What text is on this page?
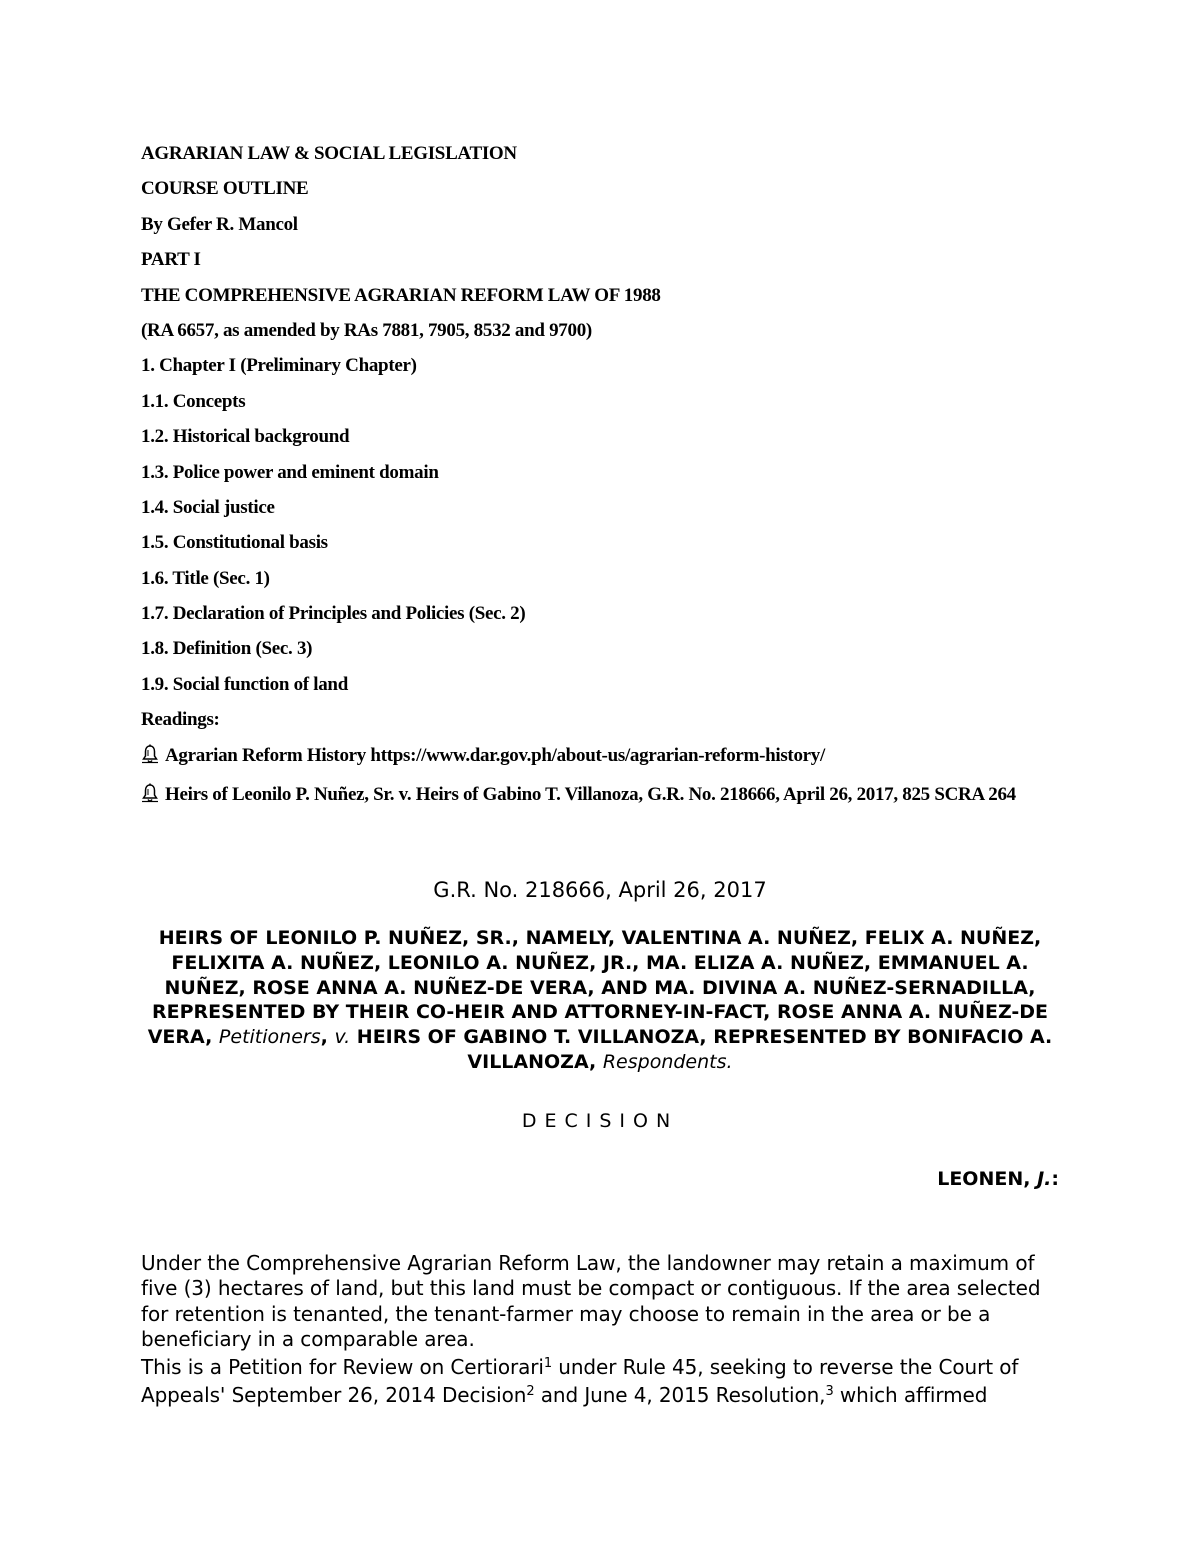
AGRARIAN LAW & SOCIAL LEGISLATION
COURSE OUTLINE
By Gefer R. Mancol
PART I
THE COMPREHENSIVE AGRARIAN REFORM LAW OF 1988
(RA 6657, as amended by RAs 7881, 7905, 8532 and 9700)
1. Chapter I (Preliminary Chapter)
1.1. Concepts
1.2. Historical background
1.3. Police power and eminent domain
1.4. Social justice
1.5. Constitutional basis
1.6. Title (Sec. 1)
1.7. Declaration of Principles and Policies (Sec. 2)
1.8. Definition (Sec. 3)
1.9. Social function of land
Readings:
Agrarian Reform History https://www.dar.gov.ph/about-us/agrarian-reform-history/
Heirs of Leonilo P. Nuñez, Sr. v. Heirs of Gabino T. Villanoza, G.R. No. 218666, April 26, 2017, 825 SCRA 264

G.R. No. 218666, April 26, 2017

HEIRS OF LEONILO P. NUÑEZ, SR., NAMELY, VALENTINA A. NUÑEZ, FELIX A. NUÑEZ, FELIXITA A. NUÑEZ, LEONILO A. NUÑEZ, JR., MA. ELIZA A. NUÑEZ, EMMANUEL A. NUÑEZ, ROSE ANNA A. NUÑEZ-DE VERA, AND MA. DIVINA A. NUÑEZ-SERNADILLA, REPRESENTED BY THEIR CO-HEIR AND ATTORNEY-IN-FACT, ROSE ANNA A. NUÑEZ-DE VERA, Petitioners, v. HEIRS OF GABINO T. VILLANOZA, REPRESENTED BY BONIFACIO A. VILLANOZA, Respondents.

DECISION

LEONEN, J.:

Under the Comprehensive Agrarian Reform Law, the landowner may retain a maximum of five (3) hectares of land, but this land must be compact or contiguous. If the area selected for retention is tenanted, the tenant-farmer may choose to remain in the area or be a beneficiary in a comparable area.

This is a Petition for Review on Certiorari$^1$ under Rule 45, seeking to reverse the Court of Appeals' September 26, 2014 Decision$^2$ and June 4, 2015 Resolution,$^3$ which affirmed
